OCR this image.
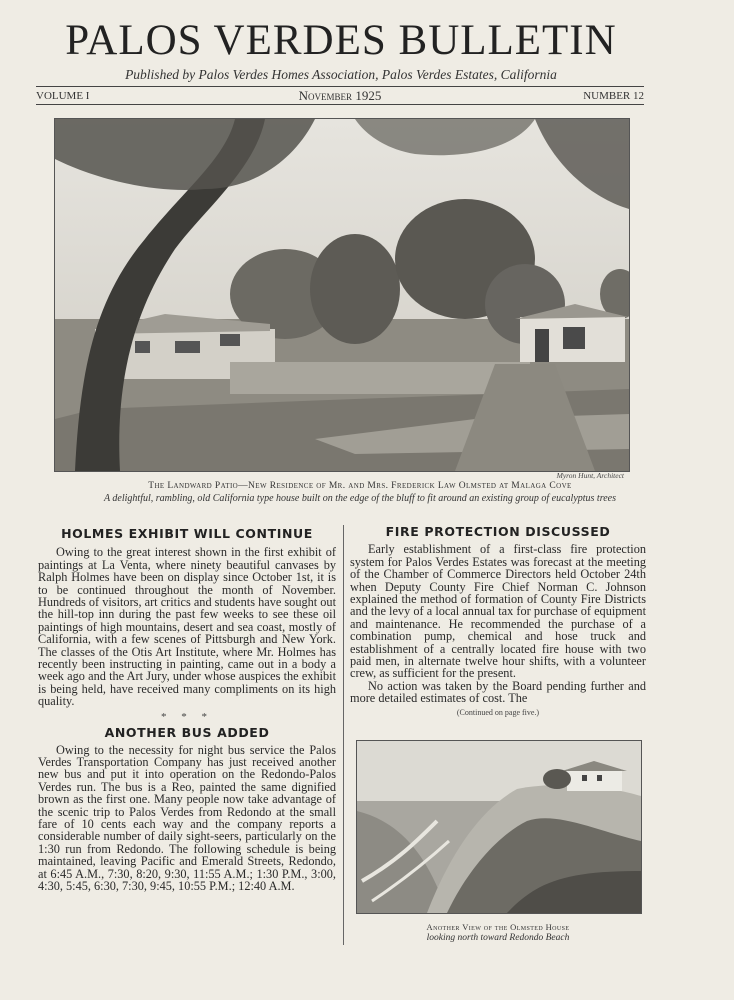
PALOS VERDES BULLETIN
Published by Palos Verdes Homes Association, Palos Verdes Estates, California
VOLUME I	November 1925	NUMBER 12
Myron Hunt, Architect
The Landward Patio—New Residence of Mr. and Mrs. Frederick Law Olmsted at Malaga Cove
A delightful, rambling, old California type house built on the edge of the bluff to fit around an existing group of eucalyptus trees
HOLMES EXHIBIT WILL CONTINUE

Owing to the great interest shown in the first exhibit of paintings at La Venta, where ninety beautiful canvases by Ralph Holmes have been on display since October 1st, it is to be continued throughout the month of November. Hundreds of visitors, art critics and students have sought out the hill-top inn during the past few weeks to see these oil paintings of high mountains, desert and sea coast, mostly of California, with a few scenes of Pittsburgh and New York. The classes of the Otis Art Institute, where Mr. Holmes has recently been instructing in painting, came out in a body a week ago and the Art Jury, under whose auspices the exhibit is being held, have received many compliments on its high quality.

* * *
ANOTHER BUS ADDED

Owing to the necessity for night bus service the Palos Verdes Transportation Company has just received another new bus and put it into operation on the Redondo-Palos Verdes run. The bus is a Reo, painted the same dignified brown as the first one. Many people now take advantage of the scenic trip to Palos Verdes from Redondo at the small fare of 10 cents each way and the company reports a considerable number of daily sight-seers, particularly on the 1:30 run from Redondo. The following schedule is being maintained, leaving Pacific and Emerald Streets, Redondo, at 6:45 A.M., 7:30, 8:20, 9:30, 11:55 A.M.; 1:30 P.M., 3:00, 4:30, 5:45, 6:30, 7:30, 9:45, 10:55 P.M.; 12:40 A.M.

FIRE PROTECTION DISCUSSED

Early establishment of a first-class fire protection system for Palos Verdes Estates was forecast at the meeting of the Chamber of Commerce Directors held October 24th when Deputy County Fire Chief Norman C. Johnson explained the method of formation of County Fire Districts and the levy of a local annual tax for purchase of equipment and maintenance. He recommended the purchase of a combination pump, chemical and hose truck and establishment of a centrally located fire house with two paid men, in alternate twelve hour shifts, with a volunteer crew, as sufficient for the present.

No action was taken by the Board pending further and more detailed estimates of cost. The

(Continued on page five.)
Another View of the Olmsted House
looking north toward Redondo Beach
